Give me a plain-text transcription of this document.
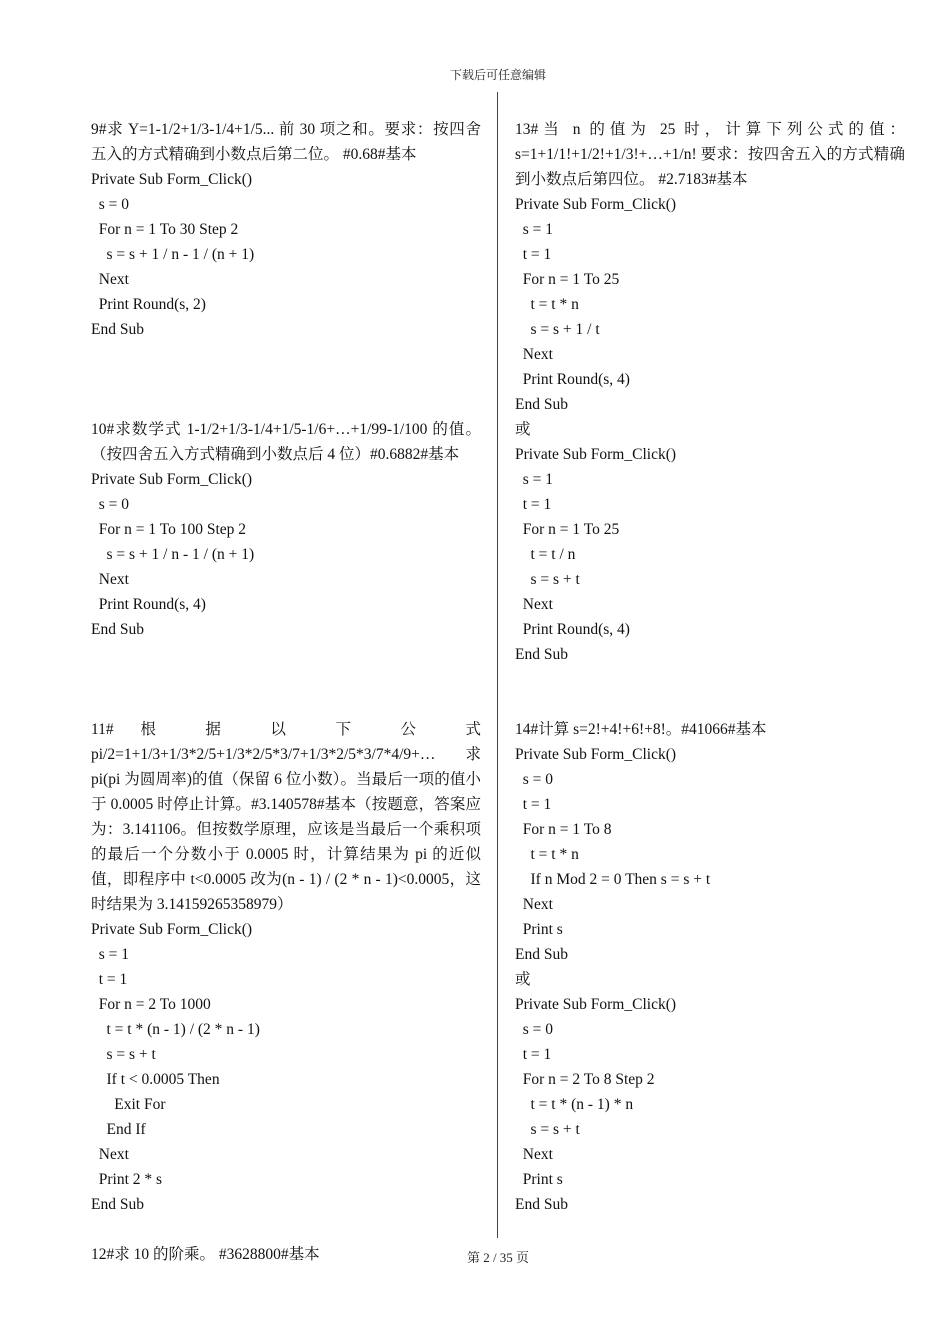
下载后可任意编辑
9#求 Y=1-1/2+1/3-1/4+1/5... 前 30 项之和。要求：按四舍五入的方式精确到小数点后第二位。 #0.68#基本
Private Sub Form_Click()
s = 0
For n = 1 To 30 Step 2
s = s + 1 / n - 1 / (n + 1)
Next
Print Round(s, 2)
End Sub
10#求数学式 1-1/2+1/3-1/4+1/5-1/6+…+1/99-1/100 的值。（按四舍五入方式精确到小数点后 4 位）#0.6882#基本
Private Sub Form_Click()
s = 0
For n = 1 To 100 Step 2
s = s + 1 / n - 1 / (n + 1)
Next
Print Round(s, 4)
End Sub
11# 根 据 以 下 公 式 pi/2=1+1/3+1/3*2/5+1/3*2/5*3/7+1/3*2/5*3/7*4/9+… 求 pi(pi 为圆周率)的值（保留 6 位小数）。当最后一项的值小于 0.0005 时停止计算。#3.140578#基本（按题意，答案应为：3.141106。但按数学原理，应该是当最后一个乘积项的最后一个分数小于 0.0005 时，计算结果为 pi 的近似值，即程序中 t<0.0005 改为(n - 1) / (2 * n - 1)<0.0005，这时结果为 3.14159265358979）
Private Sub Form_Click()
s = 1
t = 1
For n = 2 To 1000
t = t * (n - 1) / (2 * n - 1)
s = s + t
If t < 0.0005 Then
Exit For
End If
Next
Print 2 * s
End Sub
12#求 10 的阶乘。 #3628800#基本
13#当 n 的值为 25 时，计算下列公式的值：s=1+1/1!+1/2!+1/3!+…+1/n! 要求：按四舍五入的方式精确到小数点后第四位。 #2.7183#基本
Private Sub Form_Click()
s = 1
t = 1
For n = 1 To 25
t = t * n
s = s + 1 / t
Next
Print Round(s, 4)
End Sub
或
Private Sub Form_Click()
s = 1
t = 1
For n = 1 To 25
t = t / n
s = s + t
Next
Print Round(s, 4)
End Sub
14#计算 s=2!+4!+6!+8!。#41066#基本
Private Sub Form_Click()
s = 0
t = 1
For n = 1 To 8
t = t * n
If n Mod 2 = 0 Then s = s + t
Next
Print s
End Sub
或
Private Sub Form_Click()
s = 0
t = 1
For n = 2 To 8 Step 2
t = t * (n - 1) * n
s = s + t
Next
Print s
End Sub
第 2 / 35 页
